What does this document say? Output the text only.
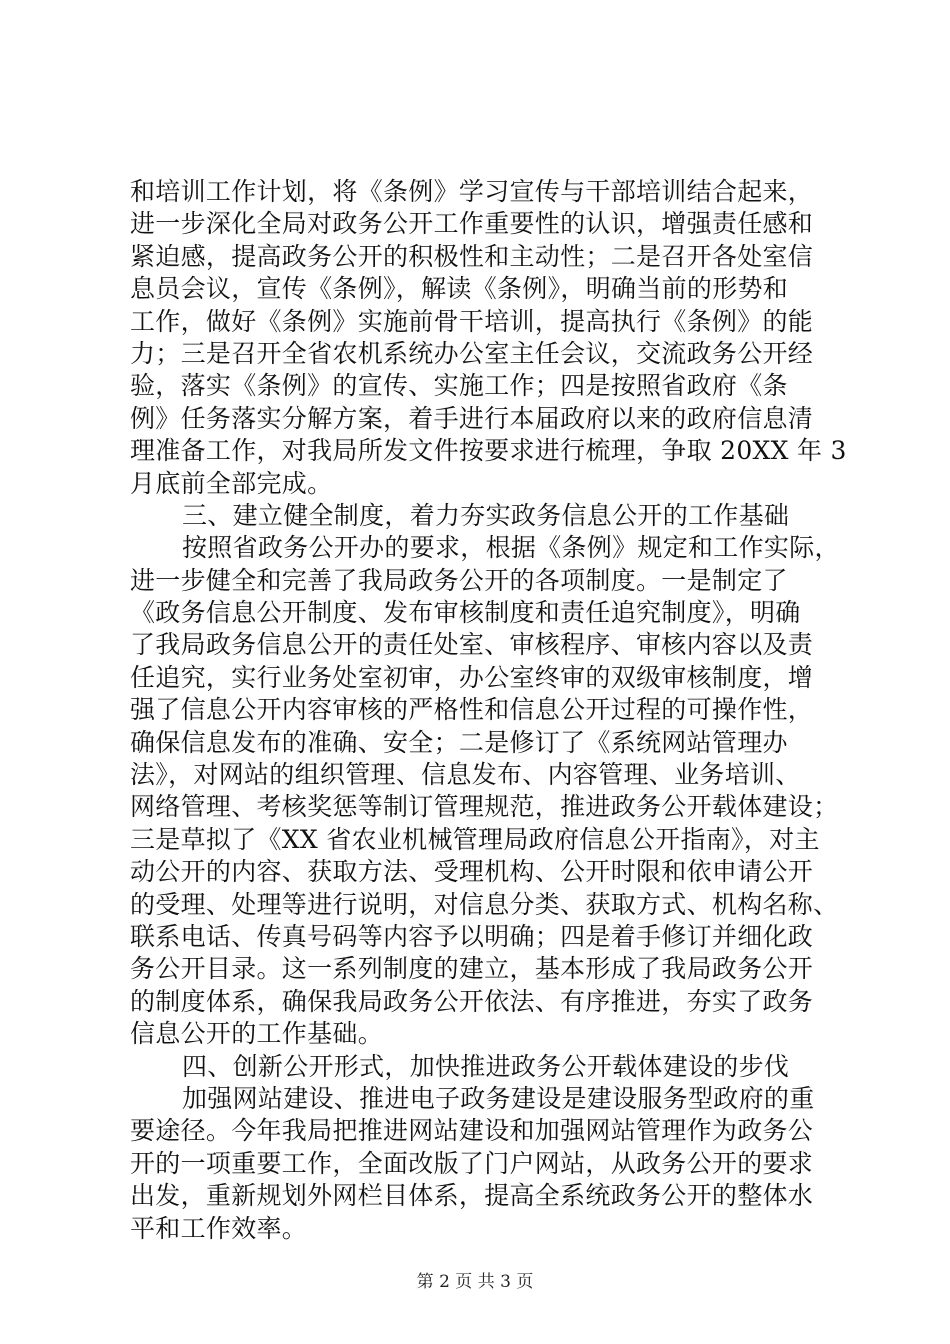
和培训工作计划，将《条例》学习宣传与干部培训结合起来，
进一步深化全局对政务公开工作重要性的认识，增强责任感和
紧迫感，提高政务公开的积极性和主动性；二是召开各处室信
息员会议，宣传《条例》，解读《条例》，明确当前的形势和
工作，做好《条例》实施前骨干培训，提高执行《条例》的能
力；三是召开全省农机系统办公室主任会议，交流政务公开经
验，落实《条例》的宣传、实施工作；四是按照省政府《条
例》任务落实分解方案，着手进行本届政府以来的政府信息清
理准备工作，对我局所发文件按要求进行梳理，争取 20XX 年 3
月底前全部完成。
三、建立健全制度，着力夯实政务信息公开的工作基础
按照省政务公开办的要求，根据《条例》规定和工作实际，
进一步健全和完善了我局政务公开的各项制度。一是制定了
《政务信息公开制度、发布审核制度和责任追究制度》，明确
了我局政务信息公开的责任处室、审核程序、审核内容以及责
任追究，实行业务处室初审，办公室终审的双级审核制度，增
强了信息公开内容审核的严格性和信息公开过程的可操作性，
确保信息发布的准确、安全；二是修订了《系统网站管理办
法》，对网站的组织管理、信息发布、内容管理、业务培训、
网络管理、考核奖惩等制订管理规范，推进政务公开载体建设；
三是草拟了《XX 省农业机械管理局政府信息公开指南》，对主
动公开的内容、获取方法、受理机构、公开时限和依申请公开
的受理、处理等进行说明，对信息分类、获取方式、机构名称、
联系电话、传真号码等内容予以明确；四是着手修订并细化政
务公开目录。这一系列制度的建立，基本形成了我局政务公开
的制度体系，确保我局政务公开依法、有序推进，夯实了政务
信息公开的工作基础。
四、创新公开形式，加快推进政务公开载体建设的步伐
加强网站建设、推进电子政务建设是建设服务型政府的重
要途径。今年我局把推进网站建设和加强网站管理作为政务公
开的一项重要工作，全面改版了门户网站，从政务公开的要求
出发，重新规划外网栏目体系，提高全系统政务公开的整体水
平和工作效率。
第 2 页 共 3 页
